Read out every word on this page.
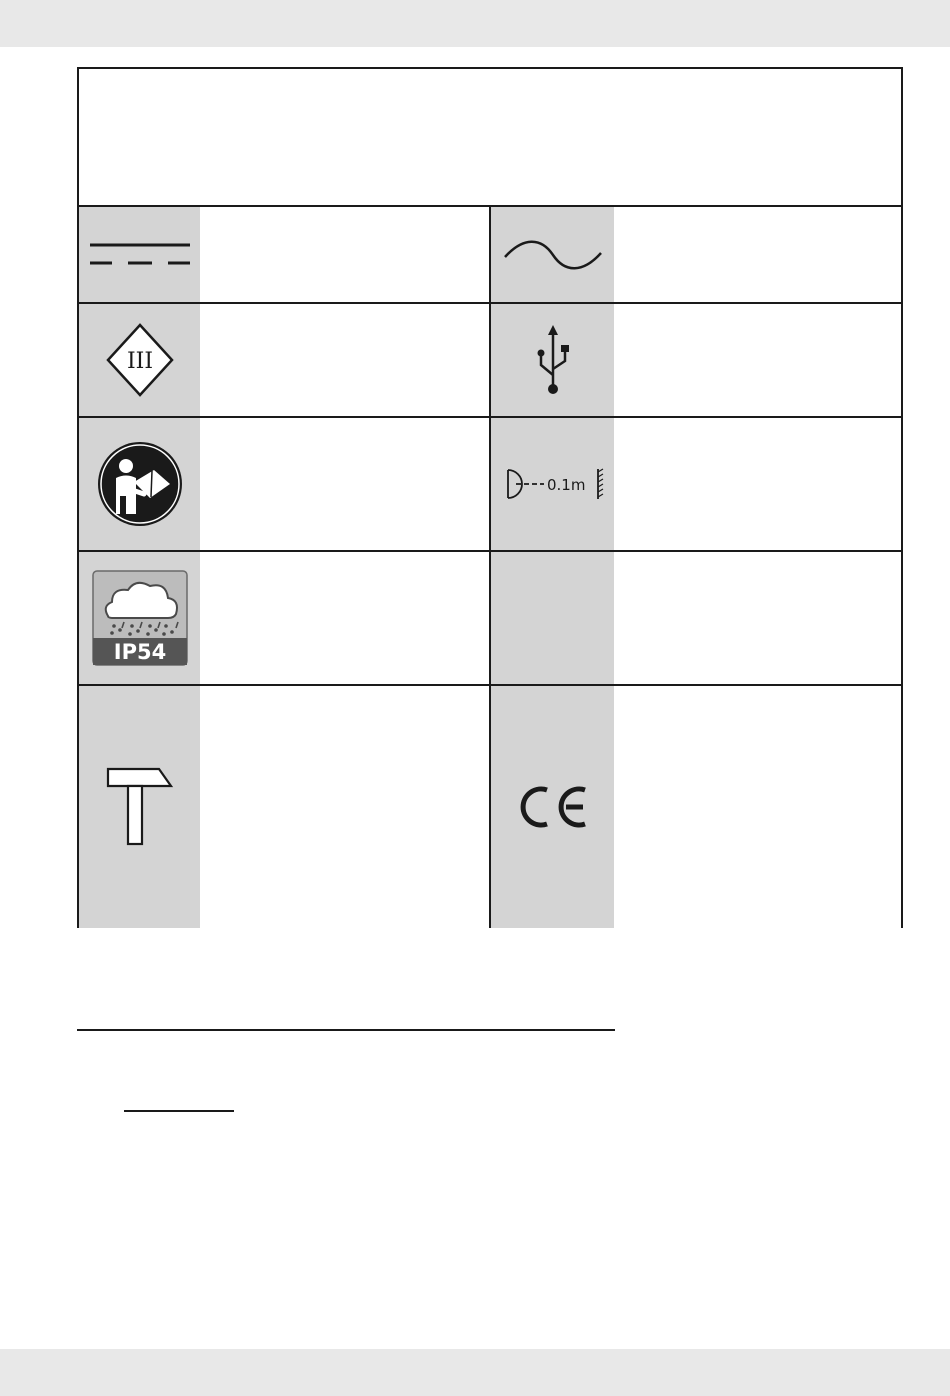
III
0.1m
IP54
